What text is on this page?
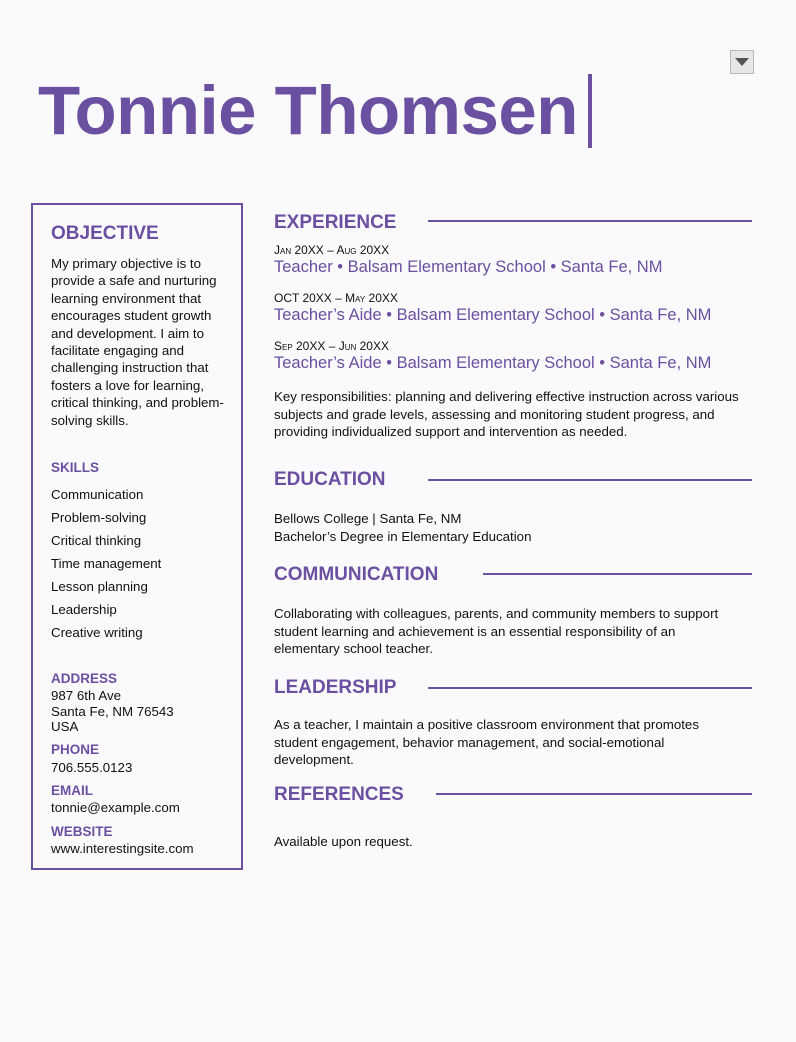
Tonnie Thomsen
OBJECTIVE

My primary objective is to provide a safe and nurturing learning environment that encourages student growth and development. I aim to facilitate engaging and challenging instruction that fosters a love for learning, critical thinking, and problem-solving skills.

SKILLS
Communication
Problem-solving
Critical thinking
Time management
Lesson planning
Leadership
Creative writing
ADDRESS

987 6th Ave

Santa Fe, NM 76543

USA

PHONE

706.555.0123

EMAIL

tonnie@example.com

WEBSITE

www.interestingsite.com

EXPERIENCE

Jan 20XX – Aug 20XX

Teacher • Balsam Elementary School • Santa Fe, NM

OCT 20XX – May 20XX

Teacher’s Aide • Balsam Elementary School • Santa Fe, NM

Sep 20XX – Jun 20XX

Teacher’s Aide • Balsam Elementary School • Santa Fe, NM

Key responsibilities: planning and delivering effective instruction across various subjects and grade levels, assessing and monitoring student progress, and providing individualized support and intervention as needed.

EDUCATION

Bellows College | Santa Fe, NM

Bachelor’s Degree in Elementary Education

COMMUNICATION

Collaborating with colleagues, parents, and community members to support student learning and achievement is an essential responsibility of an elementary school teacher.

LEADERSHIP

As a teacher, I maintain a positive classroom environment that promotes student engagement, behavior management, and social-emotional development.

REFERENCES

Available upon request.
